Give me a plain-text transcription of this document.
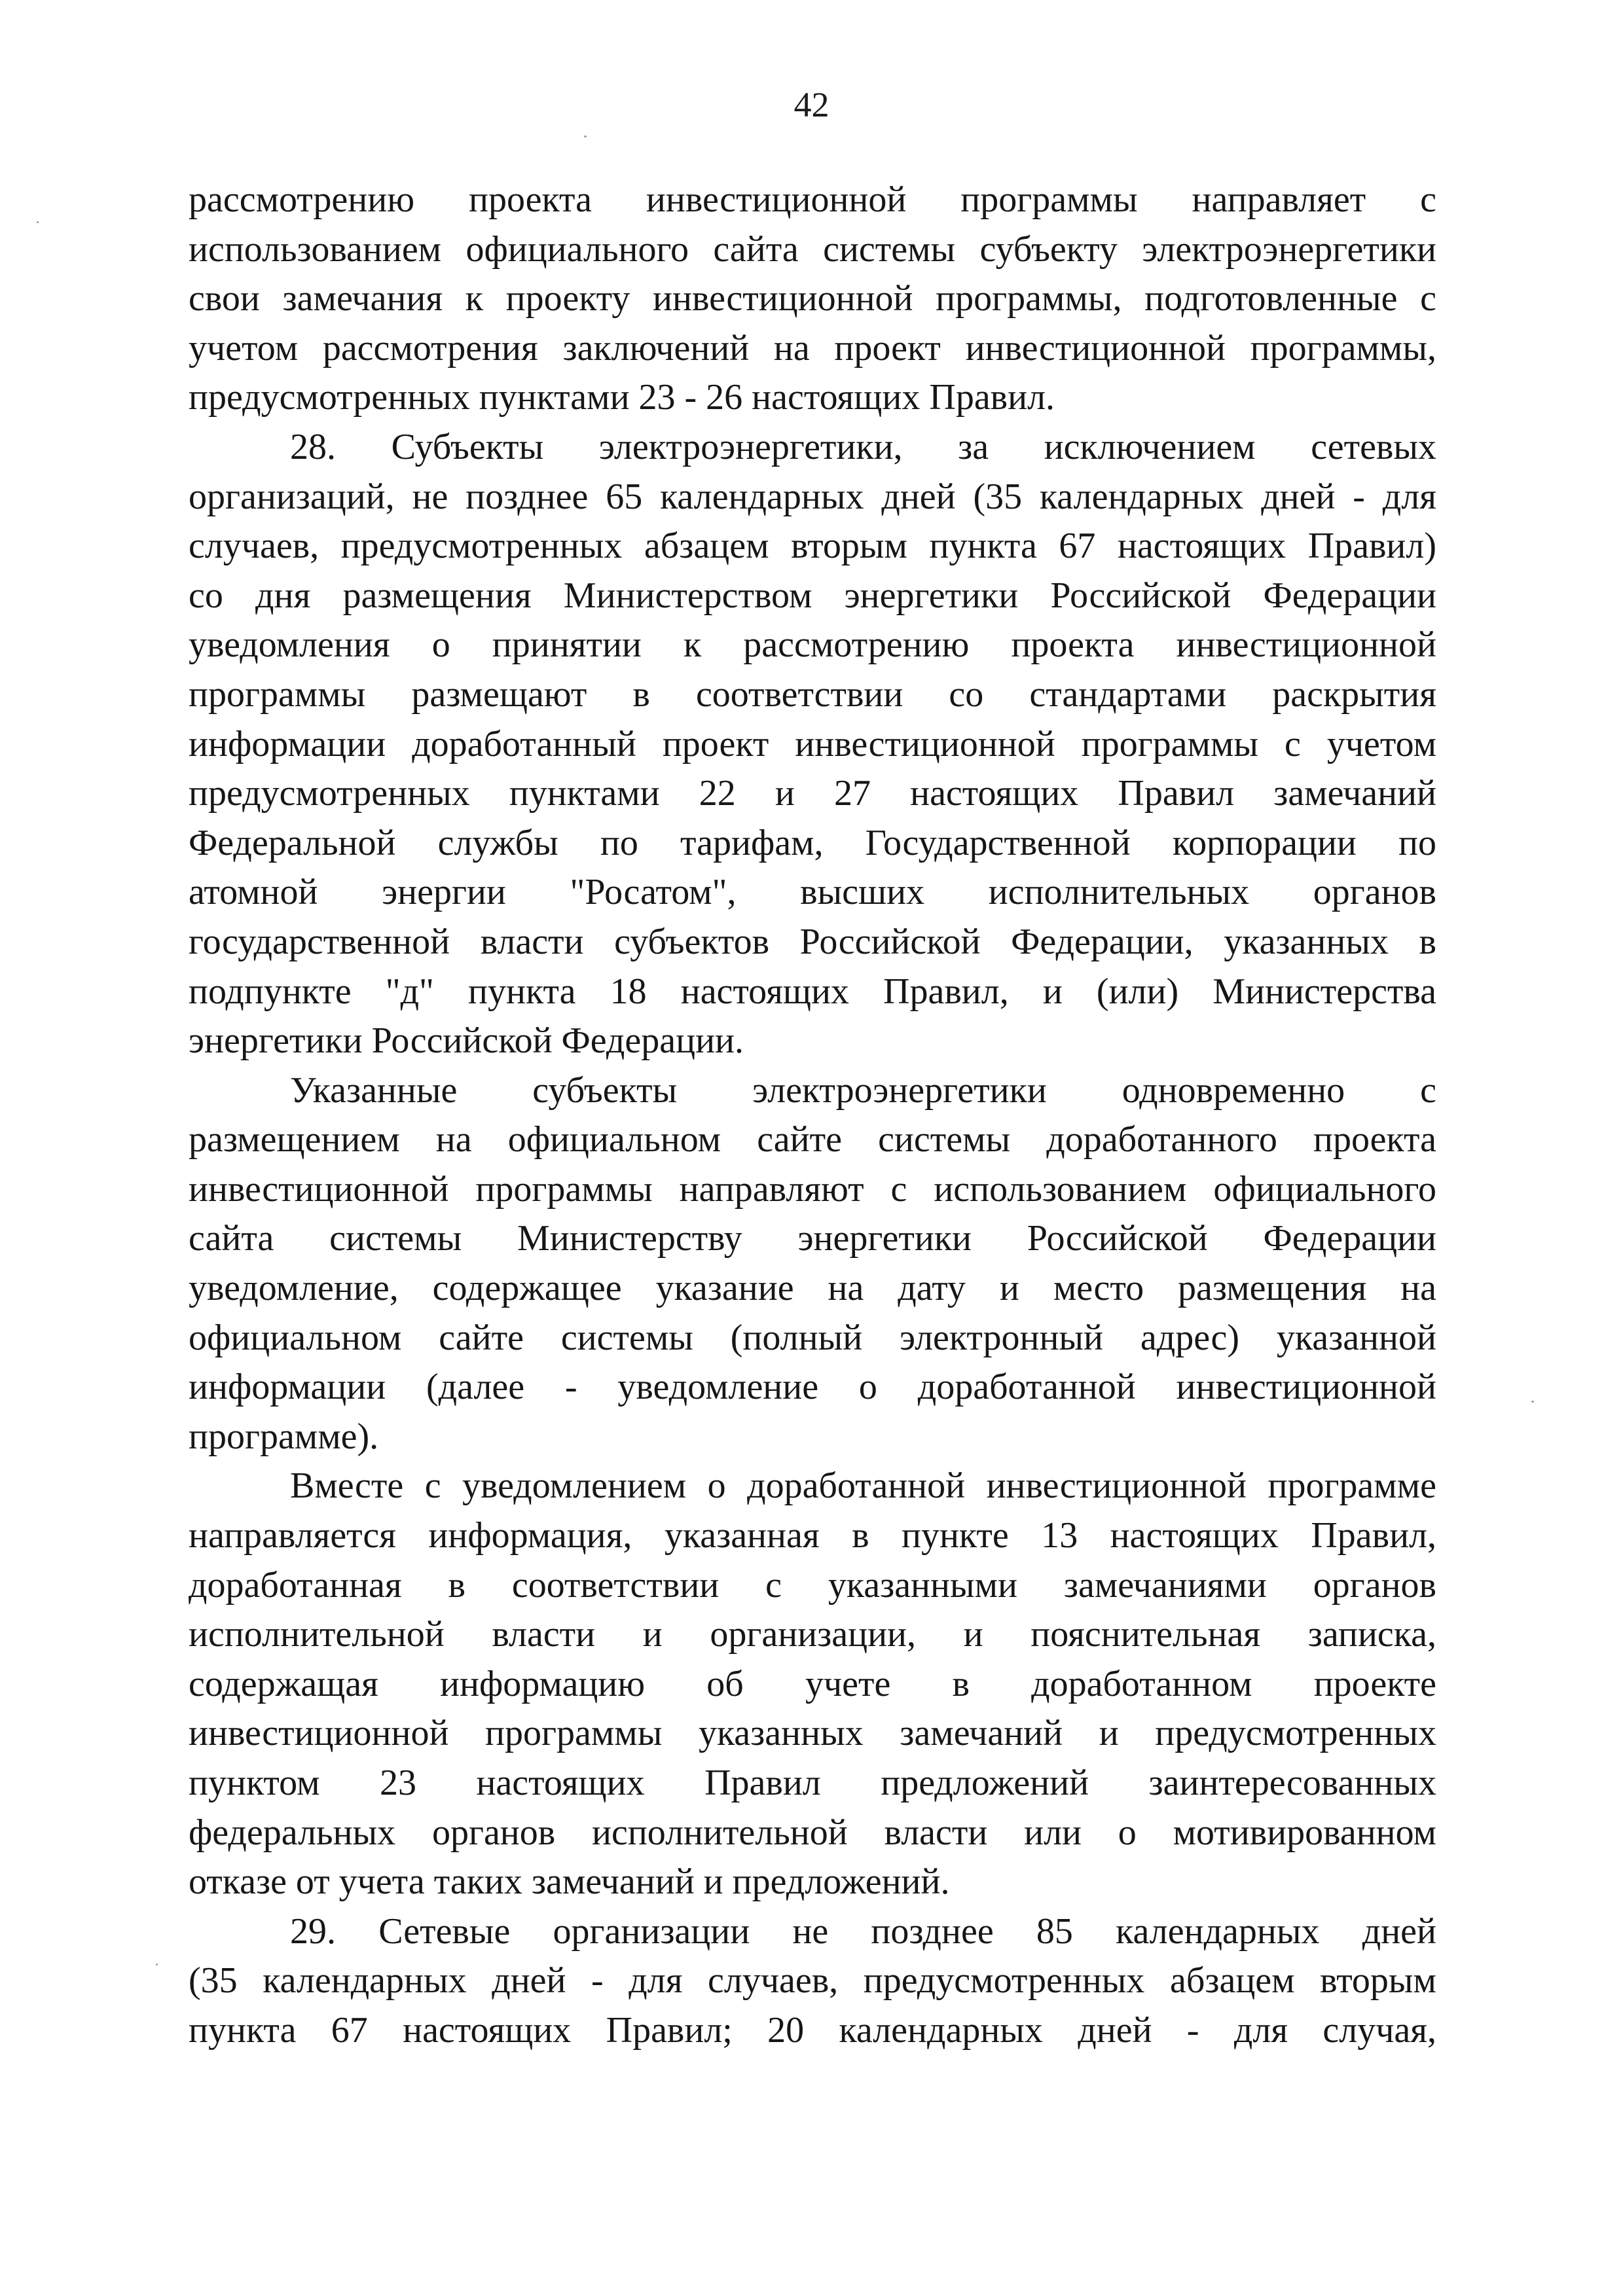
42
рассмотрению проекта инвестиционной программы направляет с
использованием официального сайта системы субъекту электроэнергетики
свои замечания к проекту инвестиционной программы, подготовленные с
учетом рассмотрения заключений на проект инвестиционной программы,
предусмотренных пунктами 23 - 26 настоящих Правил.
28. Субъекты электроэнергетики, за исключением сетевых
организаций, не позднее 65 календарных дней (35 календарных дней - для
случаев, предусмотренных абзацем вторым пункта 67 настоящих Правил)
со дня размещения Министерством энергетики Российской Федерации
уведомления о принятии к рассмотрению проекта инвестиционной
программы размещают в соответствии со стандартами раскрытия
информации доработанный проект инвестиционной программы с учетом
предусмотренных пунктами 22 и 27 настоящих Правил замечаний
Федеральной службы по тарифам, Государственной корпорации по
атомной энергии "Росатом", высших исполнительных органов
государственной власти субъектов Российской Федерации, указанных в
подпункте "д" пункта 18 настоящих Правил, и (или) Министерства
энергетики Российской Федерации.
Указанные субъекты электроэнергетики одновременно с
размещением на официальном сайте системы доработанного проекта
инвестиционной программы направляют с использованием официального
сайта системы Министерству энергетики Российской Федерации
уведомление, содержащее указание на дату и место размещения на
официальном сайте системы (полный электронный адрес) указанной
информации (далее - уведомление о доработанной инвестиционной
программе).
Вместе с уведомлением о доработанной инвестиционной программе
направляется информация, указанная в пункте 13 настоящих Правил,
доработанная в соответствии с указанными замечаниями органов
исполнительной власти и организации, и пояснительная записка,
содержащая информацию об учете в доработанном проекте
инвестиционной программы указанных замечаний и предусмотренных
пунктом 23 настоящих Правил предложений заинтересованных
федеральных органов исполнительной власти или о мотивированном
отказе от учета таких замечаний и предложений.
29. Сетевые организации не позднее 85 календарных дней
(35 календарных дней - для случаев, предусмотренных абзацем вторым
пункта 67 настоящих Правил; 20 календарных дней - для случая,
